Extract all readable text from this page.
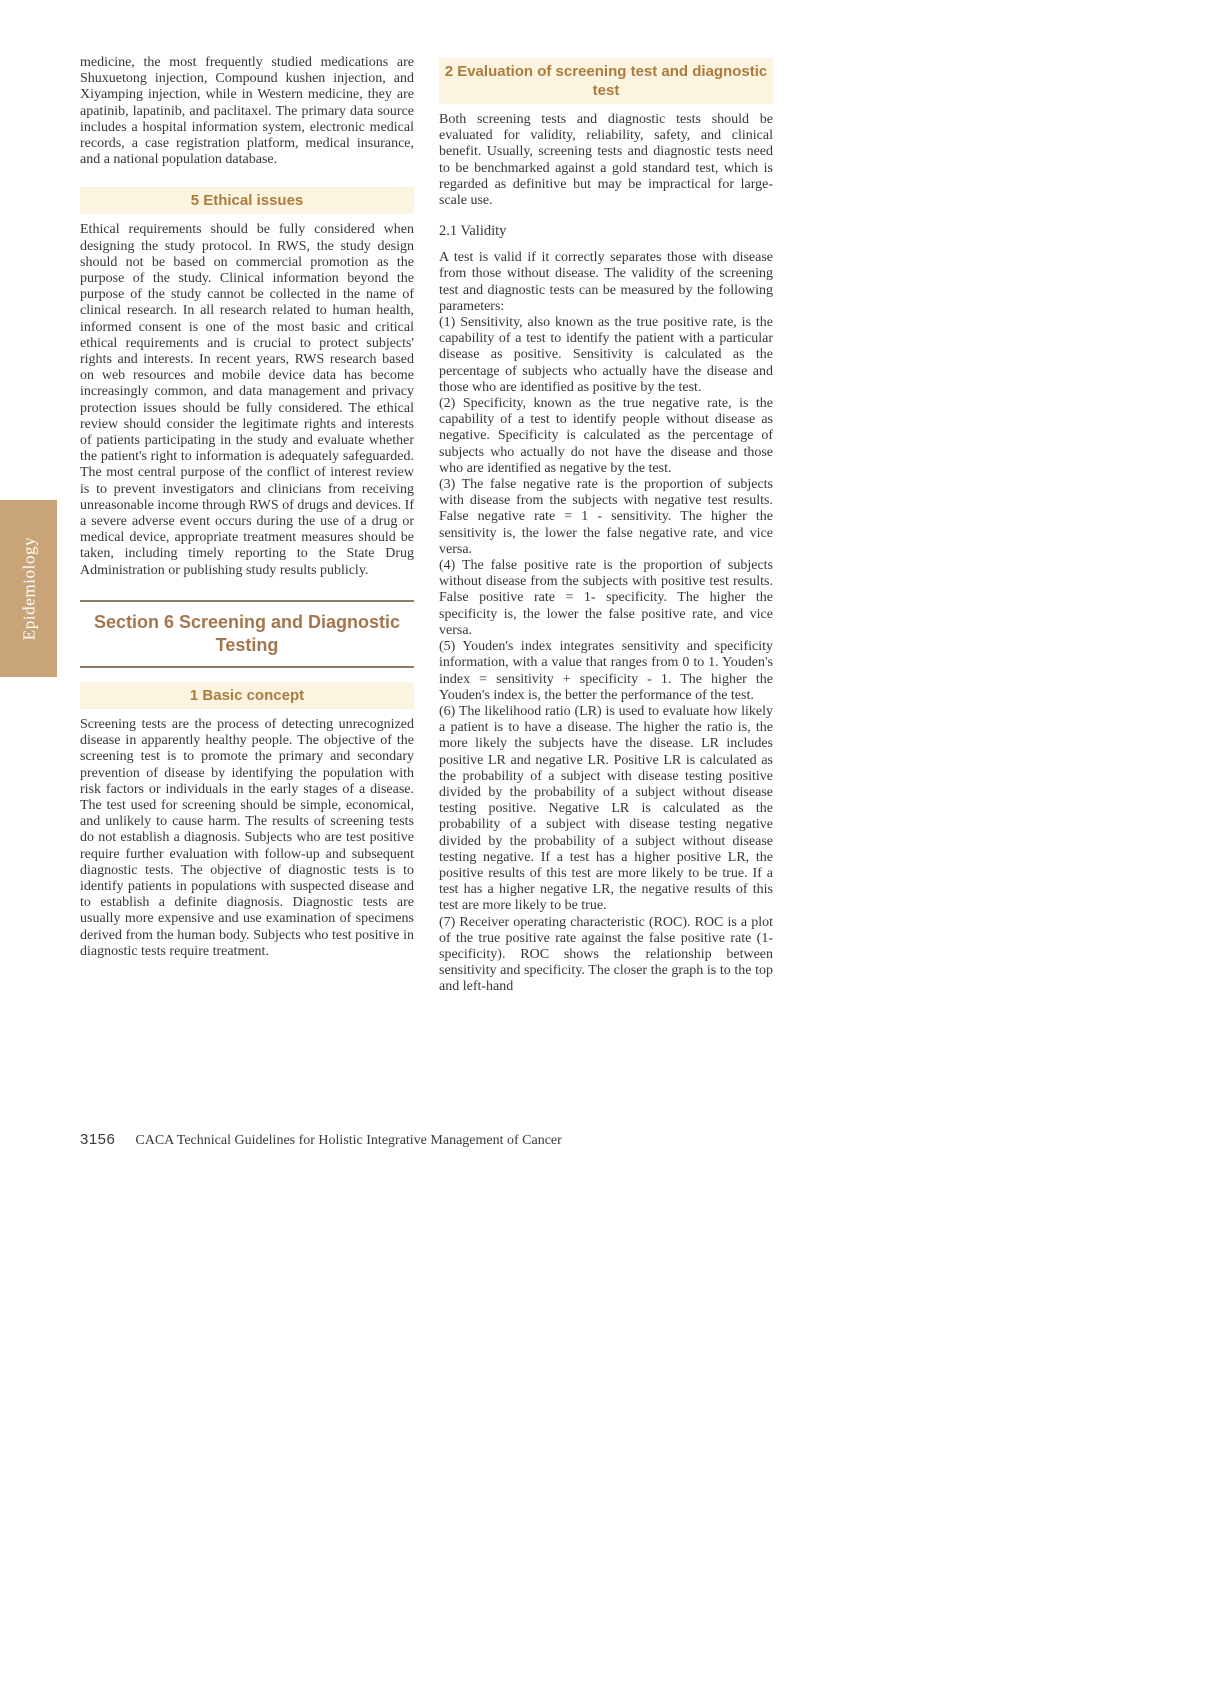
Epidemiology

medicine, the most frequently studied medications are Shuxuetong injection, Compound kushen injection, and Xiyamping injection, while in Western medicine, they are apatinib, lapatinib, and paclitaxel. The primary data source includes a hospital information system, electronic medical records, a case registration platform, medical insurance, and a national population database.

5 Ethical issues

Ethical requirements should be fully considered when designing the study protocol. In RWS, the study design should not be based on commercial promotion as the purpose of the study. Clinical information beyond the purpose of the study cannot be collected in the name of clinical research. In all research related to human health, informed consent is one of the most basic and critical ethical requirements and is crucial to protect subjects' rights and interests. In recent years, RWS research based on web resources and mobile device data has become increasingly common, and data management and privacy protection issues should be fully considered. The ethical review should consider the legitimate rights and interests of patients participating in the study and evaluate whether the patient's right to information is adequately safeguarded. The most central purpose of the conflict of interest review is to prevent investigators and clinicians from receiving unreasonable income through RWS of drugs and devices. If a severe adverse event occurs during the use of a drug or medical device, appropriate treatment measures should be taken, including timely reporting to the State Drug Administration or publishing study results publicly.

Section 6 Screening and Diagnostic Testing
1 Basic concept

Screening tests are the process of detecting unrecognized disease in apparently healthy people. The objective of the screening test is to promote the primary and secondary prevention of disease by identifying the population with risk factors or individuals in the early stages of a disease. The test used for screening should be simple, economical, and unlikely to cause harm. The results of screening tests do not establish a diagnosis. Subjects who are test positive require further evaluation with follow-up and subsequent diagnostic tests. The objective of diagnostic tests is to identify patients in populations with suspected disease and to establish a definite diagnosis. Diagnostic tests are usually more expensive and use examination of specimens derived from the human body. Subjects who test positive in diagnostic tests require treatment.

2 Evaluation of screening test and diagnostic test

Both screening tests and diagnostic tests should be evaluated for validity, reliability, safety, and clinical benefit. Usually, screening tests and diagnostic tests need to be benchmarked against a gold standard test, which is regarded as definitive but may be impractical for large-scale use.

2.1 Validity

A test is valid if it correctly separates those with disease from those without disease. The validity of the screening test and diagnostic tests can be measured by the following parameters:

(1) Sensitivity, also known as the true positive rate, is the capability of a test to identify the patient with a particular disease as positive. Sensitivity is calculated as the percentage of subjects who actually have the disease and those who are identified as positive by the test.

(2) Specificity, known as the true negative rate, is the capability of a test to identify people without disease as negative. Specificity is calculated as the percentage of subjects who actually do not have the disease and those who are identified as negative by the test.

(3) The false negative rate is the proportion of subjects with disease from the subjects with negative test results. False negative rate = 1 - sensitivity. The higher the sensitivity is, the lower the false negative rate, and vice versa.

(4) The false positive rate is the proportion of subjects without disease from the subjects with positive test results. False positive rate = 1- specificity. The higher the specificity is, the lower the false positive rate, and vice versa.

(5) Youden's index integrates sensitivity and specificity information, with a value that ranges from 0 to 1. Youden's index = sensitivity + specificity - 1. The higher the Youden's index is, the better the performance of the test.

(6) The likelihood ratio (LR) is used to evaluate how likely a patient is to have a disease. The higher the ratio is, the more likely the subjects have the disease. LR includes positive LR and negative LR. Positive LR is calculated as the probability of a subject with disease testing positive divided by the probability of a subject without disease testing positive. Negative LR is calculated as the probability of a subject with disease testing negative divided by the probability of a subject without disease testing negative. If a test has a higher positive LR, the positive results of this test are more likely to be true. If a test has a higher negative LR, the negative results of this test are more likely to be true.

(7) Receiver operating characteristic (ROC). ROC is a plot of the true positive rate against the false positive rate (1- specificity). ROC shows the relationship between sensitivity and specificity. The closer the graph is to the top and left-hand

3156 CACA Technical Guidelines for Holistic Integrative Management of Cancer
